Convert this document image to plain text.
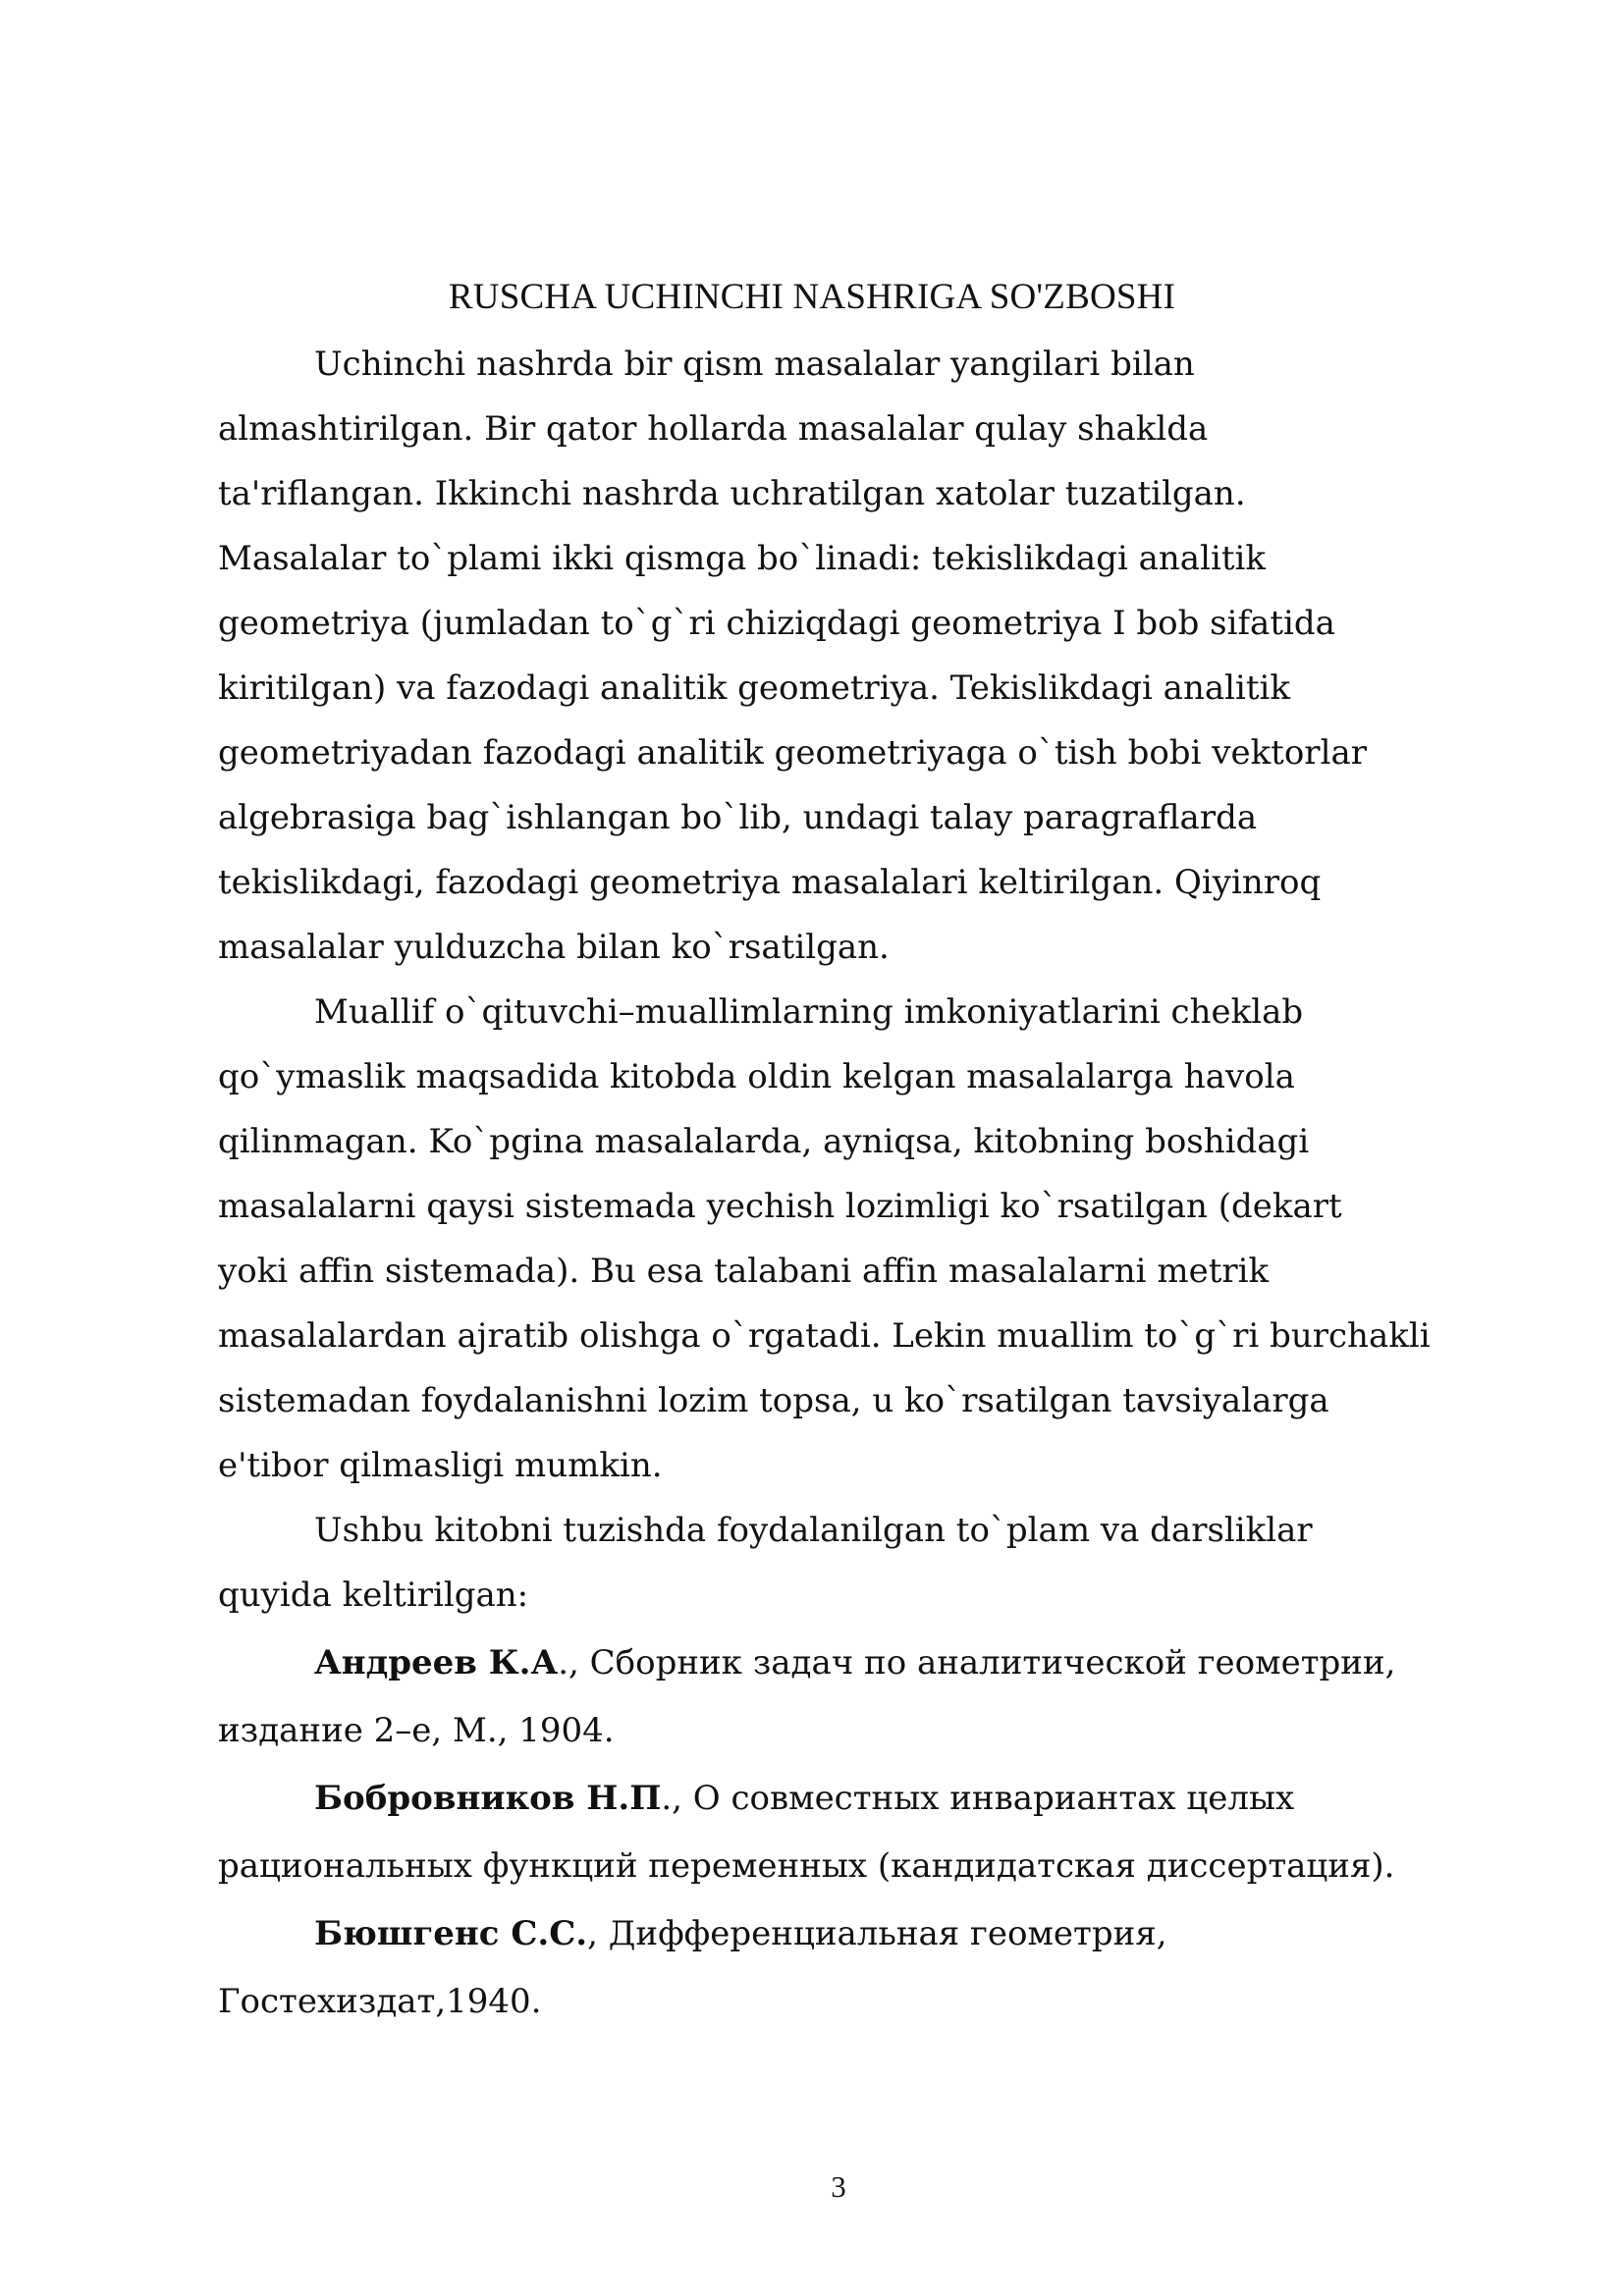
RUSCHA UCHINCHI NASHRIGA SO'ZBOSHI
Uchinchi nashrda bir qism masalalar yangilari bilan
almashtirilgan. Bir qator hollarda masalalar qulay shaklda
ta'riflangan. Ikkinchi nashrda uchratilgan xatolar tuzatilgan.
Masalalar to`plami ikki qismga bo`linadi: tekislikdagi analitik
geometriya (jumladan to`g`ri chiziqdagi geometriya I bob sifatida
kiritilgan) va fazodagi analitik geometriya. Tekislikdagi analitik
geometriyadan fazodagi analitik geometriyaga o`tish bobi vektorlar
algebrasiga bag`ishlangan bo`lib, undagi talay paragraflarda
tekislikdagi, fazodagi geometriya masalalari keltirilgan. Qiyinroq
masalalar yulduzcha bilan ko`rsatilgan.
Muallif o`qituvchi–muallimlarning imkoniyatlarini cheklab
qo`ymaslik maqsadida kitobda oldin kelgan masalalarga havola
qilinmagan. Ko`pgina masalalarda, ayniqsa, kitobning boshidagi
masalalarni qaysi sistemada yechish lozimligi ko`rsatilgan (dekart
yoki affin sistemada). Bu esa talabani affin masalalarni metrik
masalalardan ajratib olishga o`rgatadi. Lekin muallim to`g`ri burchakli
sistemadan foydalanishni lozim topsa, u ko`rsatilgan tavsiyalarga
e'tibor qilmasligi mumkin.
Ushbu kitobni tuzishda foydalanilgan to`plam va darsliklar
quyida keltirilgan:
Андреев К.А., Сборник задач по аналитической геометрии,
издание 2–е, М., 1904.
Бобровников Н.П., О совместных инвариантах целых
рациональных функций переменных (кандидатская диссертация).
Бюшгенс С.С., Дифференциальная геометрия,
Гостехиздат,1940.
3
